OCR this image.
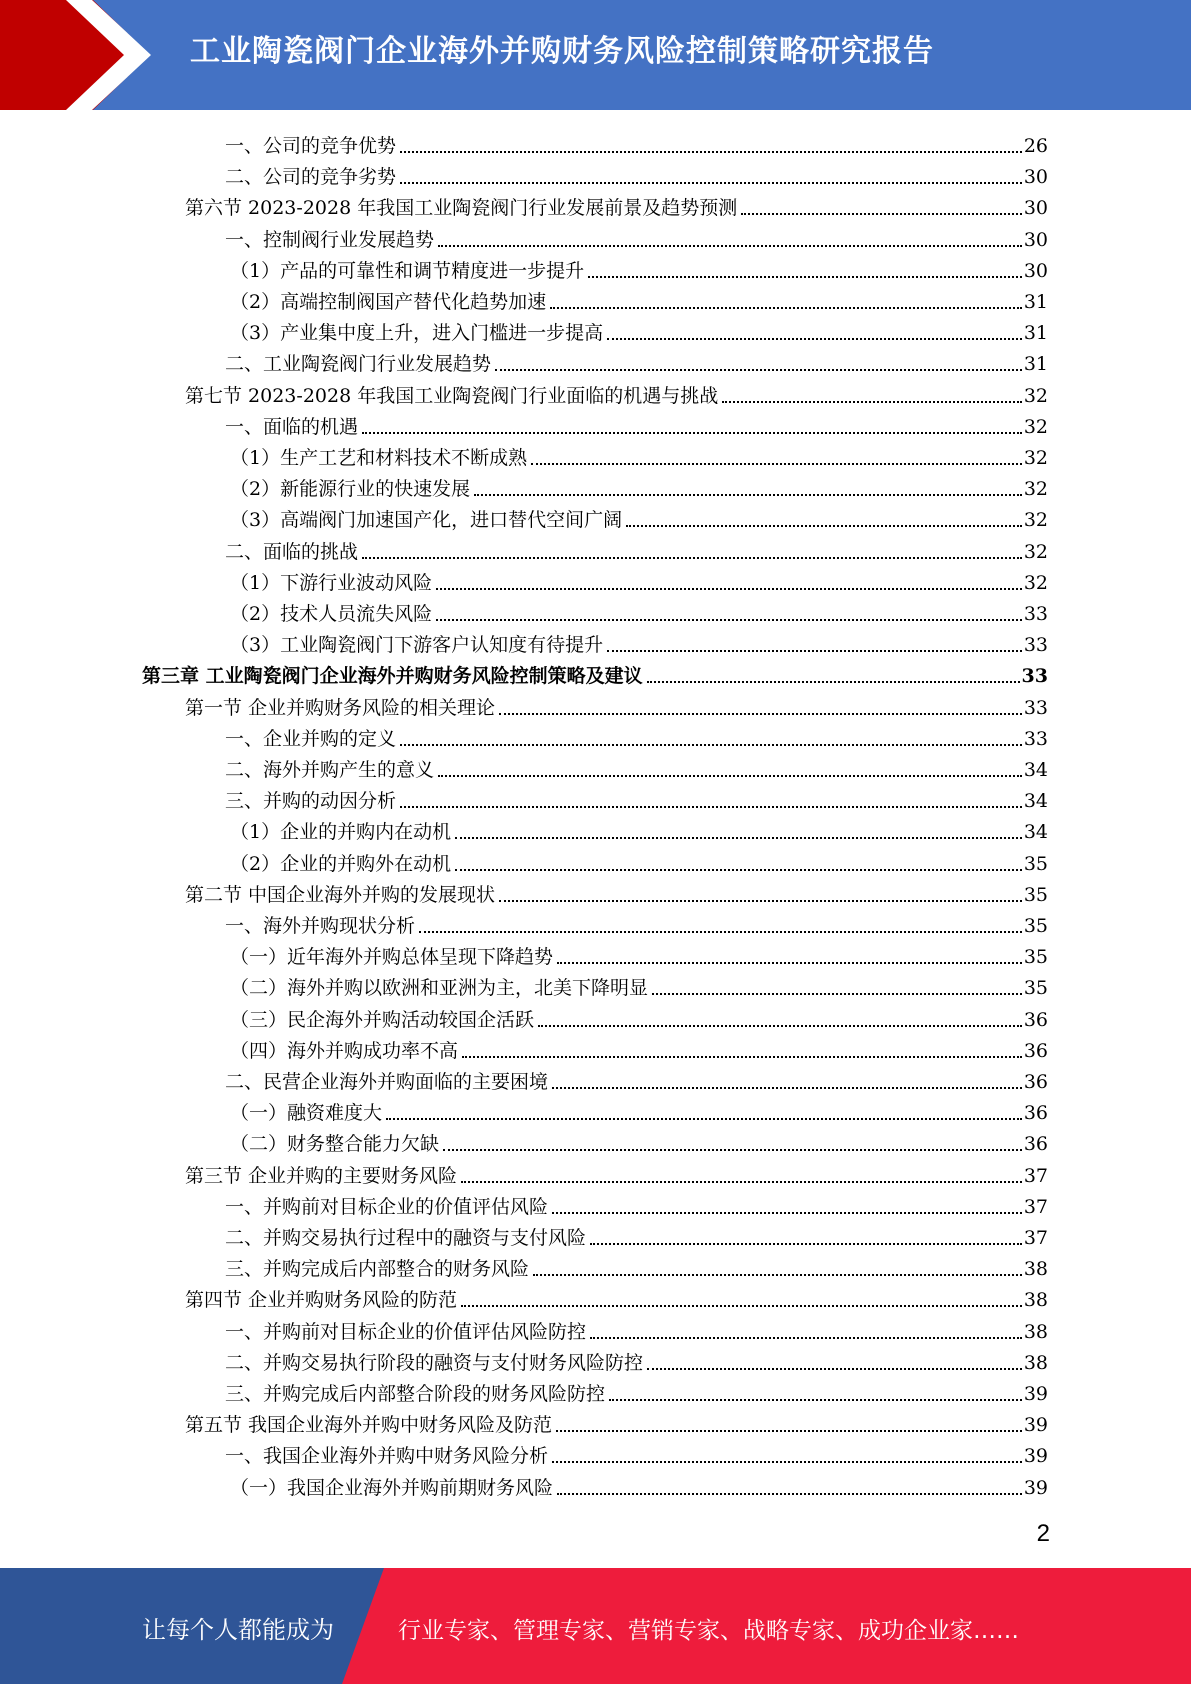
工业陶瓷阀门企业海外并购财务风险控制策略研究报告
一、公司的竞争优势	26
二、公司的竞争劣势	30
第六节 2023-2028 年我国工业陶瓷阀门行业发展前景及趋势预测	30
一、控制阀行业发展趋势	30
（1）产品的可靠性和调节精度进一步提升	30
（2）高端控制阀国产替代化趋势加速	31
（3）产业集中度上升，进入门槛进一步提高	31
二、工业陶瓷阀门行业发展趋势	31
第七节 2023-2028 年我国工业陶瓷阀门行业面临的机遇与挑战	32
一、面临的机遇	32
（1）生产工艺和材料技术不断成熟	32
（2）新能源行业的快速发展	32
（3）高端阀门加速国产化，进口替代空间广阔	32
二、面临的挑战	32
（1）下游行业波动风险	32
（2）技术人员流失风险	33
（3）工业陶瓷阀门下游客户认知度有待提升	33
第三章 工业陶瓷阀门企业海外并购财务风险控制策略及建议	33
第一节 企业并购财务风险的相关理论	33
一、企业并购的定义	33
二、海外并购产生的意义	34
三、并购的动因分析	34
（1）企业的并购内在动机	34
（2）企业的并购外在动机	35
第二节 中国企业海外并购的发展现状	35
一、海外并购现状分析	35
（一）近年海外并购总体呈现下降趋势	35
（二）海外并购以欧洲和亚洲为主，北美下降明显	35
（三）民企海外并购活动较国企活跃	36
（四）海外并购成功率不高	36
二、民营企业海外并购面临的主要困境	36
（一）融资难度大	36
（二）财务整合能力欠缺	36
第三节 企业并购的主要财务风险	37
一、并购前对目标企业的价值评估风险	37
二、并购交易执行过程中的融资与支付风险	37
三、并购完成后内部整合的财务风险	38
第四节 企业并购财务风险的防范	38
一、并购前对目标企业的价值评估风险防控	38
二、并购交易执行阶段的融资与支付财务风险防控	38
三、并购完成后内部整合阶段的财务风险防控	39
第五节 我国企业海外并购中财务风险及防范	39
一、我国企业海外并购中财务风险分析	39
（一）我国企业海外并购前期财务风险	39
2
让每个人都能成为	行业专家、管理专家、营销专家、战略专家、成功企业家……
